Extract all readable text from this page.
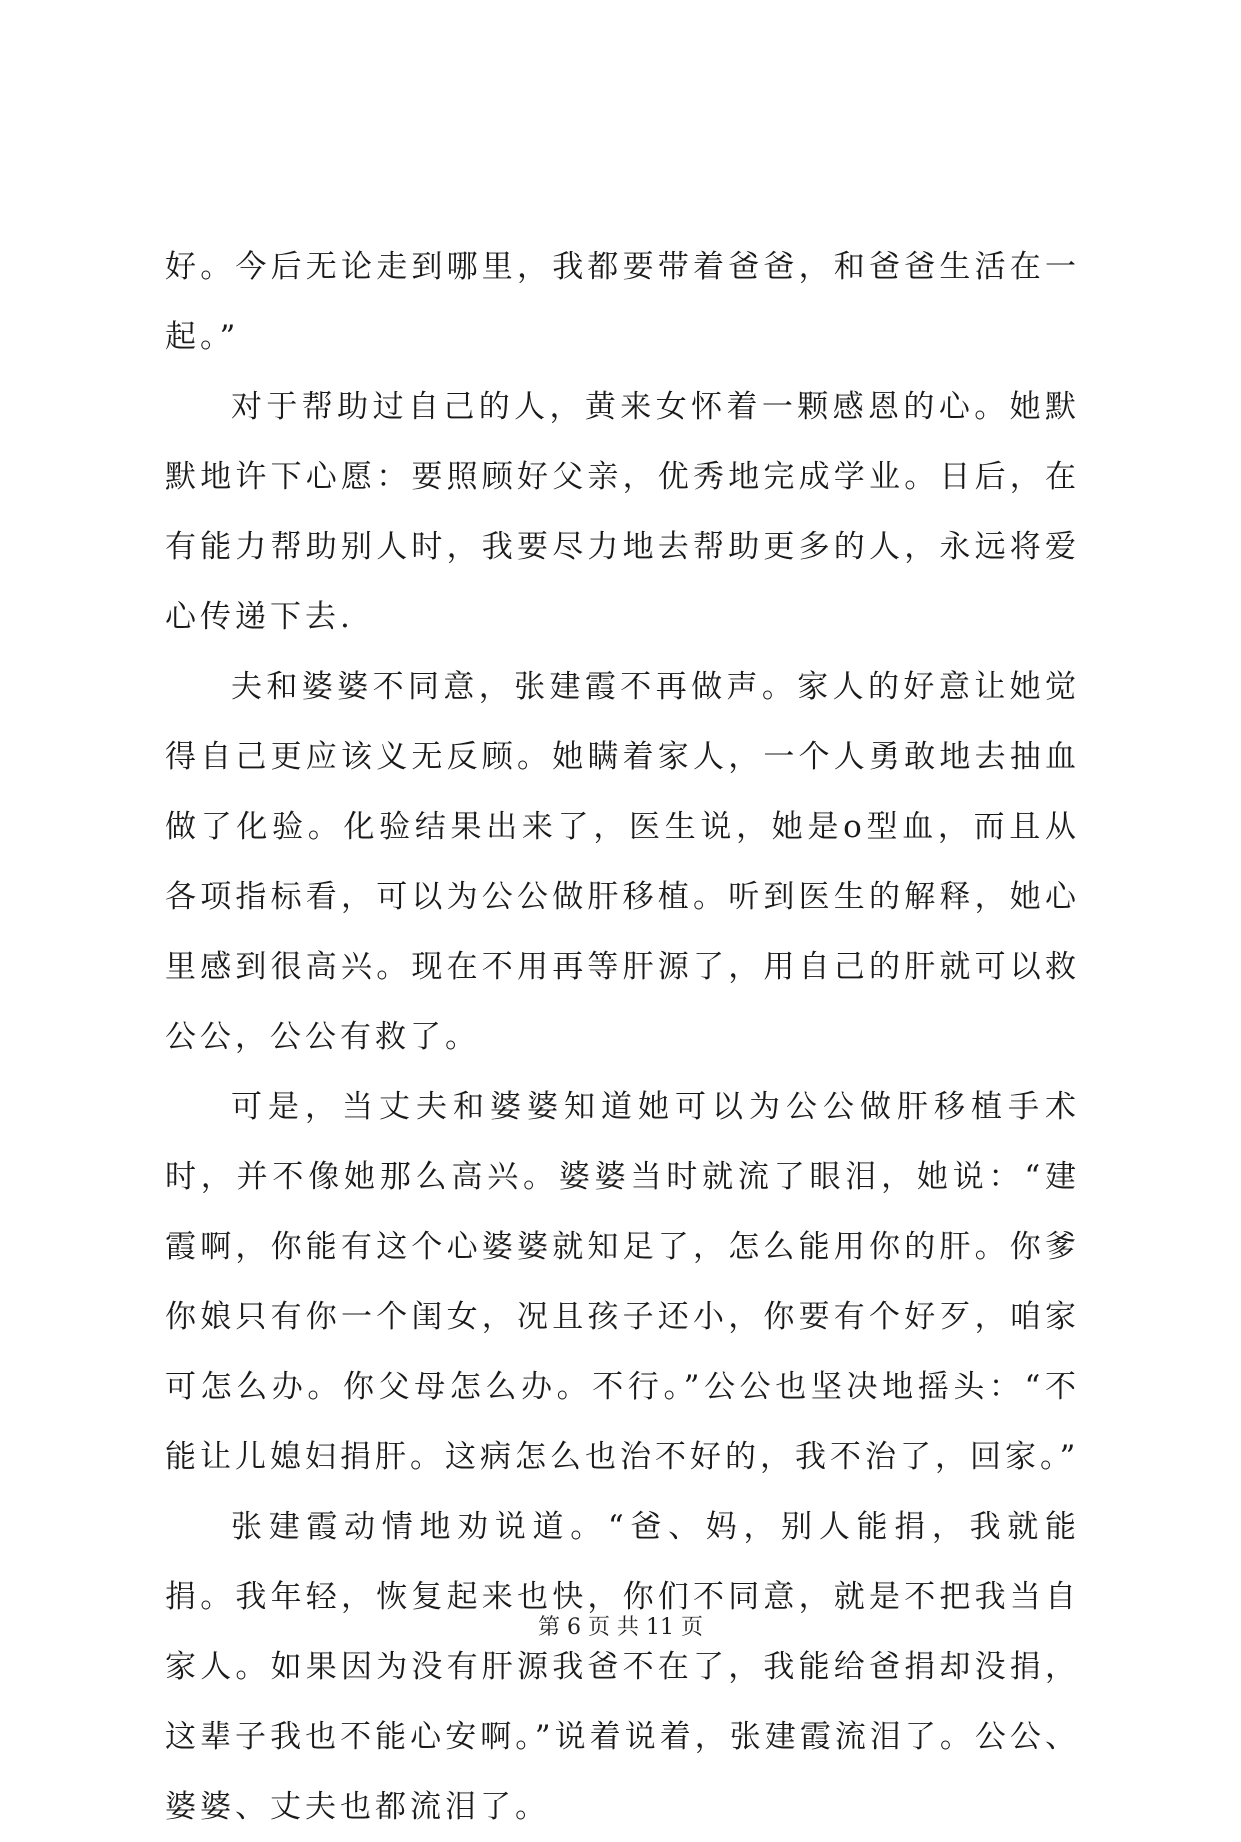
好。今后无论走到哪里，我都要带着爸爸，和爸爸生活在一起。”

对于帮助过自己的人，黄来女怀着一颗感恩的心。她默默地许下心愿：要照顾好父亲，优秀地完成学业。日后，在有能力帮助别人时，我要尽力地去帮助更多的人，永远将爱心传递下去.

夫和婆婆不同意，张建霞不再做声。家人的好意让她觉得自己更应该义无反顾。她瞒着家人，一个人勇敢地去抽血做了化验。化验结果出来了，医生说，她是o型血，而且从各项指标看，可以为公公做肝移植。听到医生的解释，她心里感到很高兴。现在不用再等肝源了，用自己的肝就可以救公公，公公有救了。

可是，当丈夫和婆婆知道她可以为公公做肝移植手术时，并不像她那么高兴。婆婆当时就流了眼泪，她说：“建霞啊，你能有这个心婆婆就知足了，怎么能用你的肝。你爹你娘只有你一个闺女，况且孩子还小，你要有个好歹，咱家可怎么办。你父母怎么办。不行。”公公也坚决地摇头：“不能让儿媳妇捐肝。这病怎么也治不好的，我不治了，回家。”

张建霞动情地劝说道。“爸、妈，别人能捐，我就能捐。我年轻，恢复起来也快，你们不同意，就是不把我当自家人。如果因为没有肝源我爸不在了，我能给爸捐却没捐，这辈子我也不能心安啊。”说着说着，张建霞流泪了。公公、婆婆、丈夫也都流泪了。

第 6 页 共 11 页
